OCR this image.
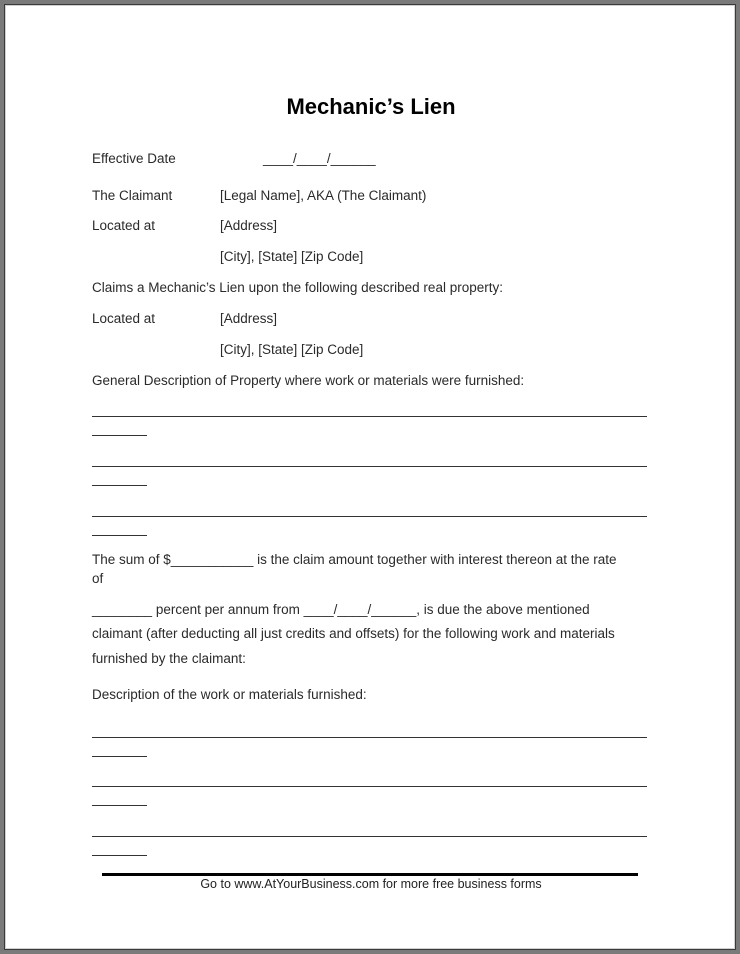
Mechanic’s Lien
Effective Date	____/____/______
The Claimant	[Legal Name], AKA (The Claimant)
Located at	[Address]
[City], [State] [Zip Code]
Claims a Mechanic’s Lien upon the following described real property:
Located at	[Address]
[City], [State] [Zip Code]
General Description of Property where work or materials were furnished:
The sum of $___________ is the claim amount together with interest thereon at the rate
of
________ percent per annum from ____/____/______, is due the above mentioned
claimant (after deducting all just credits and offsets) for the following work and materials
furnished by the claimant:
Description of the work or materials furnished:
Go to www.AtYourBusiness.com for more free business forms
